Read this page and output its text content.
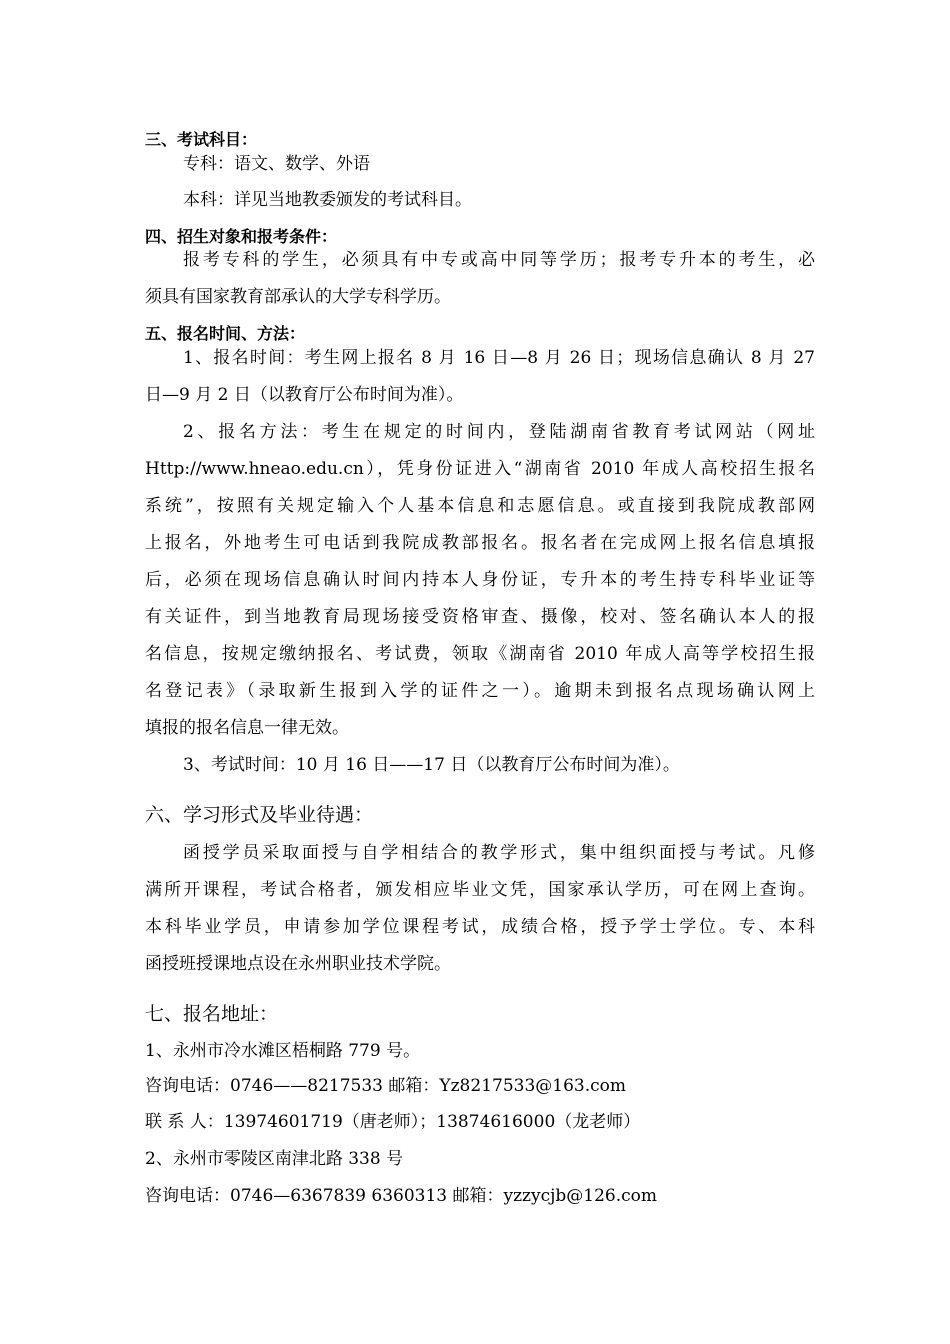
三、考试科目：
专科：语文、数学、外语
本科：详见当地教委颁发的考试科目。
四、招生对象和报考条件：
报考专科的学生，必须具有中专或高中同等学历；报考专升本的考生，必
须具有国家教育部承认的大学专科学历。
五、报名时间、方法：
1、报名时间：考生网上报名 8 月 16 日—8 月 26 日；现场信息确认 8 月 27
日—9 月 2 日（以教育厅公布时间为准）。
2、报名方法：考生在规定的时间内，登陆湖南省教育考试网站（网址
Http://www.hneao.edu.cn），凭身份证进入“湖南省 2010 年成人高校招生报名
系统”，按照有关规定输入个人基本信息和志愿信息。或直接到我院成教部网
上报名，外地考生可电话到我院成教部报名。报名者在完成网上报名信息填报
后，必须在现场信息确认时间内持本人身份证，专升本的考生持专科毕业证等
有关证件，到当地教育局现场接受资格审查、摄像，校对、签名确认本人的报
名信息，按规定缴纳报名、考试费，领取《湖南省 2010 年成人高等学校招生报
名登记表》（录取新生报到入学的证件之一）。逾期未到报名点现场确认网上
填报的报名信息一律无效。
3、考试时间：10 月 16 日——17 日（以教育厅公布时间为准）。
六、学习形式及毕业待遇：
函授学员采取面授与自学相结合的教学形式，集中组织面授与考试。凡修
满所开课程，考试合格者，颁发相应毕业文凭，国家承认学历，可在网上查询。
本科毕业学员，申请参加学位课程考试，成绩合格，授予学士学位。专、本科
函授班授课地点设在永州职业技术学院。
七、报名地址：
1、永州市冷水滩区梧桐路 779 号。
咨询电话：0746——8217533 邮箱：Yz8217533@163.com
联 系 人：13974601719（唐老师）；13874616000（龙老师）
2、永州市零陵区南津北路 338 号
咨询电话：0746—6367839 6360313 邮箱：yzzycjb@126.com
